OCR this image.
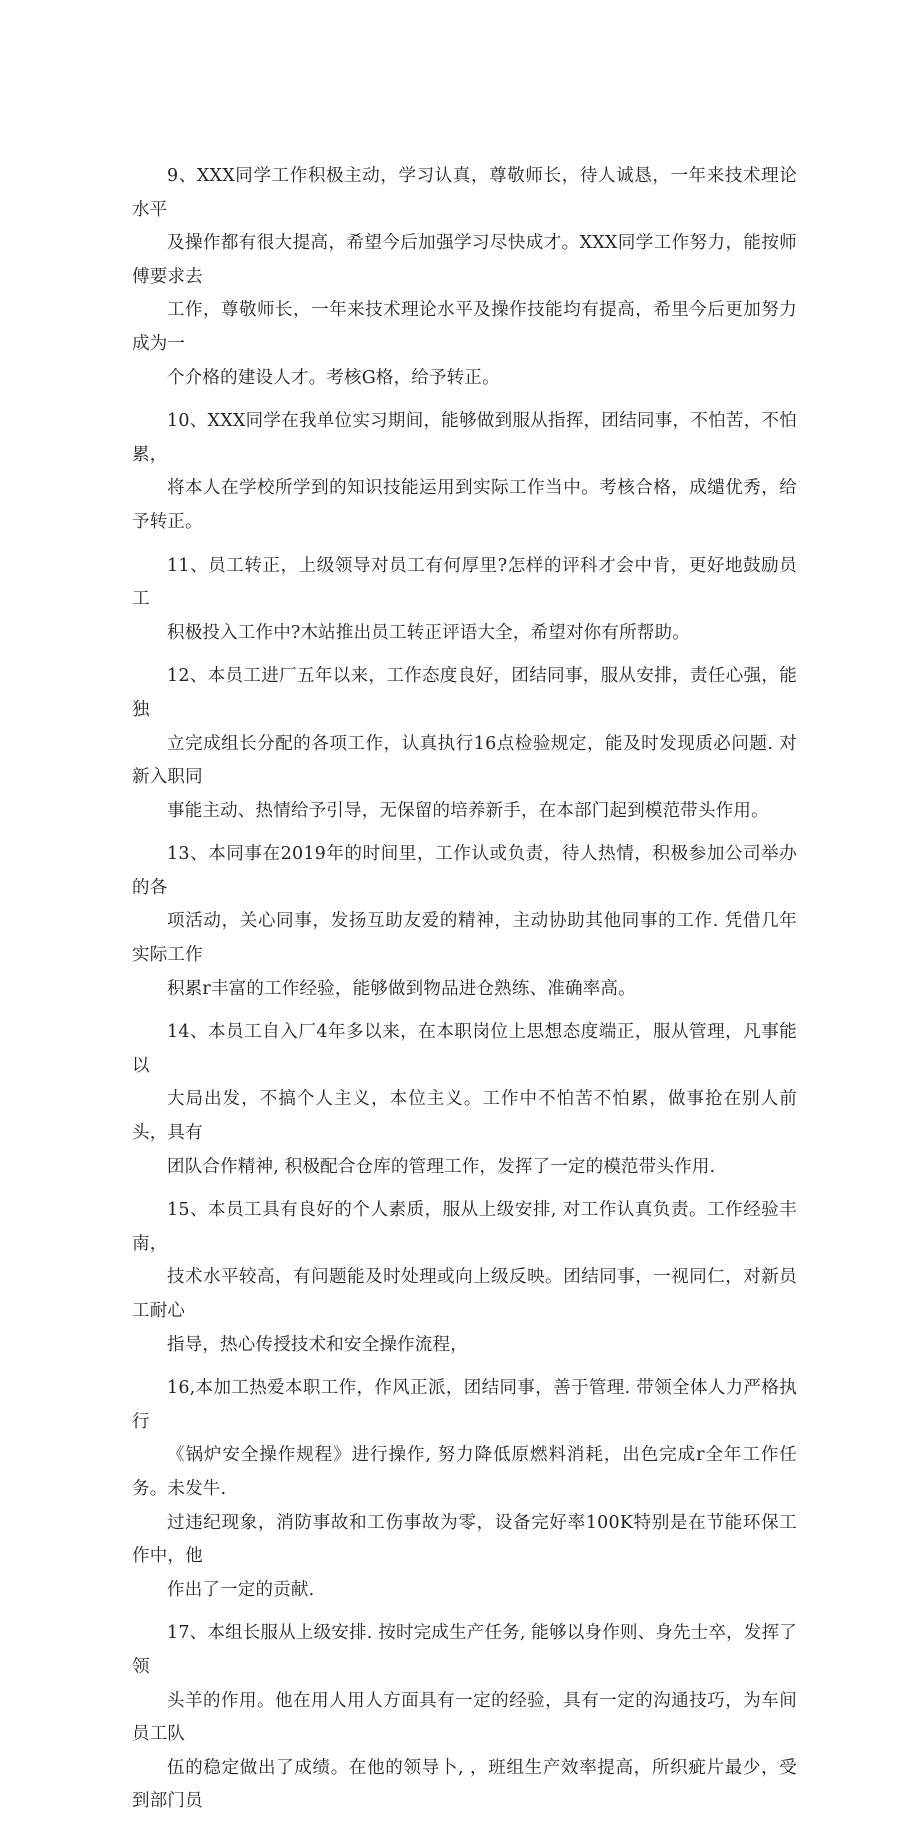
9、XXX同学工作积极主动，学习认真，尊敬师长，待人诚恳，一年来技术理论水平
及操作都有很大提高，希望今后加强学习尽快成才。XXX同学工作努力，能按师傅要求去
工作，尊敬师长，一年来技术理论水平及操作技能均有提高，希里今后更加努力成为一
个介格的建设人才。考核G格，给予转正。

10、XXX同学在我单位实习期间，能够做到服从指挥，团结同事，不怕苦，不怕累，
将本人在学校所学到的知识技能运用到实际工作当中。考核合格，成缱优秀，给予转正。

11、员工转正，上级领导对员工有何厚里?怎样的评科才会中肯，更好地鼓励员工
积极投入工作中?木站推出员工转正评语大全，希望对你有所帮助。

12、本员工进厂五年以来，工作态度良好，团结同事，服从安排，责任心强，能独
立完成组长分配的各项工作，认真执行16点检验规定，能及时发现质必问题. 对新入职同
事能主动、热情给予引导，无保留的培养新手，在本部门起到模范带头作用。

13、本同事在2019年的时间里，工作认或负责，待人热情，积极参加公司举办的各
项活动，关心同事，发扬互助友爱的精神，主动协助其他同事的工作. 凭借几年实际工作
积累r丰富的工作经验，能够做到物品进仓熟练、准确率高。

14、本员工自入厂4年多以来，在本职岗位上思想态度端正，服从管理，凡事能以
大局出发，不搞个人主义，本位主义。工作中不怕苦不怕累，做事抢在别人前头，具有
团队合作精神, 积极配合仓库的管理工作，发挥了一定的模范带头作用.

15、本员工具有良好的个人素质，服从上级安排, 对工作认真负责。工作经验丰南，
技术水平较高，有问题能及时处理或向上级反映。团结同事，一视同仁，对新员工耐心
指导，热心传授技术和安全操作流程，

16,本加工热爱本职工作，作风正派，团结同事，善于管理. 带领全体人力严格执行
《锅炉安全操作规程》进行操作, 努力降低原燃料消耗，出色完成r全年工作任务。未发牛.
过违纪现象，消防事故和工伤事故为零，设备完好率100K特别是在节能环保工作中，他
作出了一定的贡献.

17、本组长服从上级安排. 按时完成生产任务, 能够以身作则、身先士卒，发挥了领
头羊的作用。他在用人用人方面具有一定的经验，具有一定的沟通技巧，为车间员工队
伍的稳定做出了成绩。在他的领导卜, ，班组生产效率提高，所织疵片最少，受到部门员
